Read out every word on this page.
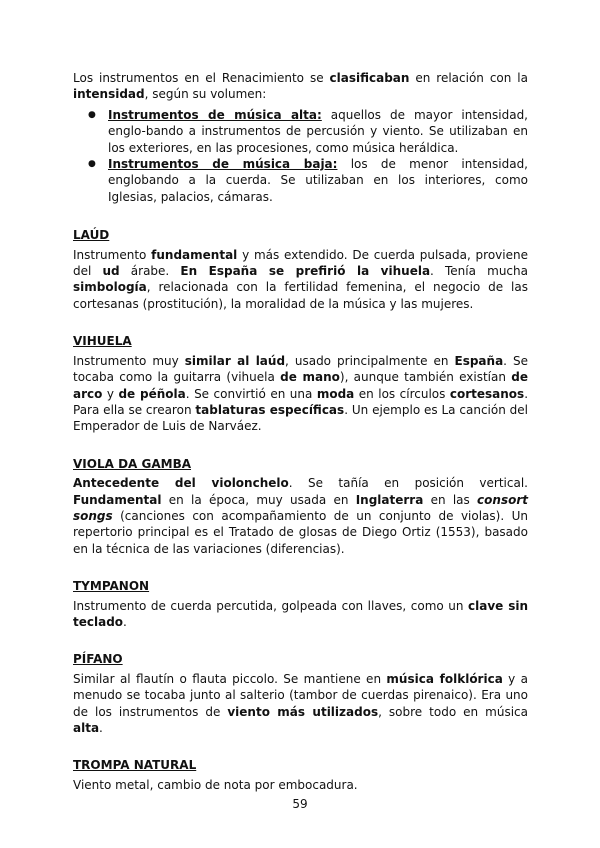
Los instrumentos en el Renacimiento se clasificaban en relación con la intensidad, según su volumen:

● Instrumentos de música alta: aquellos de mayor intensidad, englo-bando a instrumentos de percusión y viento. Se utilizaban en los exteriores, en las procesiones, como música heráldica.
● Instrumentos de música baja: los de menor intensidad, englobando a la cuerda. Se utilizaban en los interiores, como Iglesias, palacios, cámaras.
LAÚD

Instrumento fundamental y más extendido. De cuerda pulsada, proviene del ud árabe. En España se prefirió la vihuela. Tenía mucha simbología, relacionada con la fertilidad femenina, el negocio de las cortesanas (prostitución), la moralidad de la música y las mujeres.

VIHUELA

Instrumento muy similar al laúd, usado principalmente en España. Se tocaba como la guitarra (vihuela de mano), aunque también existían de arco y de péñola. Se convirtió en una moda en los círculos cortesanos. Para ella se crearon tablaturas específicas. Un ejemplo es La canción del Emperador de Luis de Narváez.

VIOLA DA GAMBA

Antecedente del violonchelo. Se tañía en posición vertical. Fundamental en la época, muy usada en Inglaterra en las consort songs (canciones con acompañamiento de un conjunto de violas). Un repertorio principal es el Tratado de glosas de Diego Ortiz (1553), basado en la técnica de las variaciones (diferencias).

TYMPANON

Instrumento de cuerda percutida, golpeada con llaves, como un clave sin teclado.

PÍFANO

Similar al flautín o flauta piccolo. Se mantiene en música folklórica y a menudo se tocaba junto al salterio (tambor de cuerdas pirenaico). Era uno de los instrumentos de viento más utilizados, sobre todo en música alta.

TROMPA NATURAL

Viento metal, cambio de nota por embocadura.

59
